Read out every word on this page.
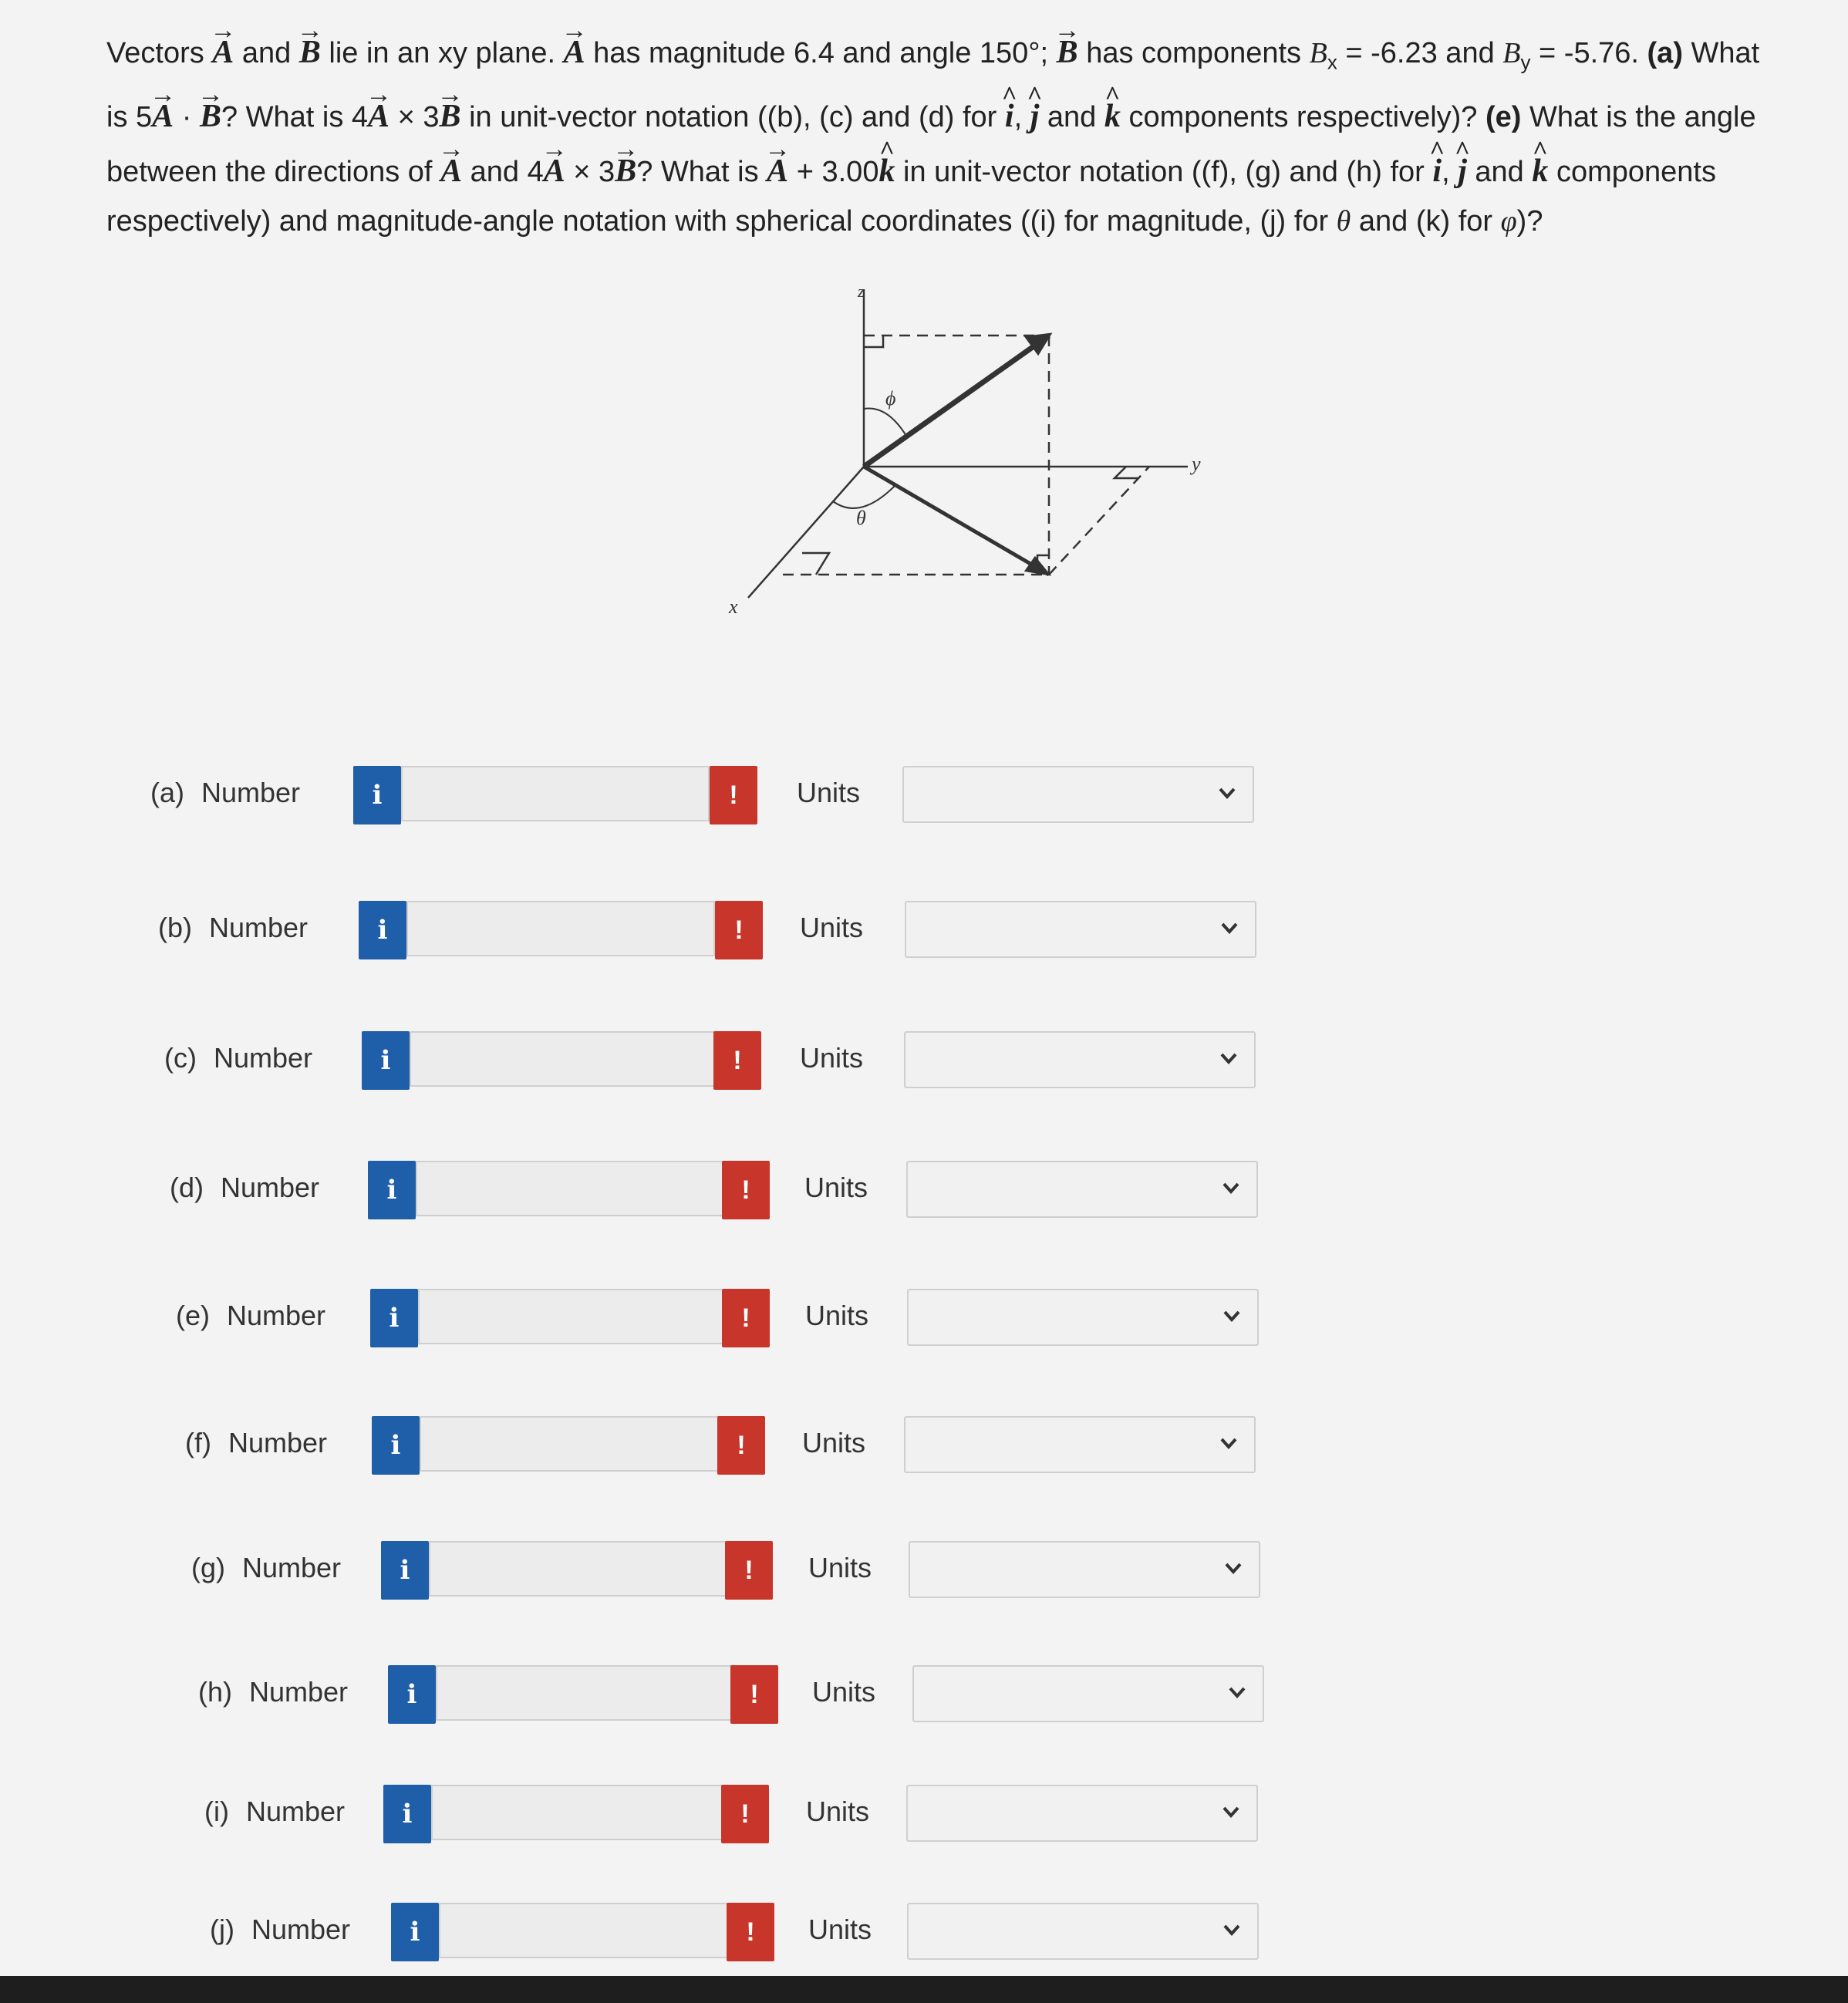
Vectors → A and → B lie in an xy plane. → A has magnitude 6.4 and angle 150°; → B has components $B_x = -6.23$ and $B_y = -5.76$. (a) What is 5→ A · → B? What is 4→ A × 3→ B in unit-vector notation ((b), (c) and (d) for ^ i, ^ j and ^ k components respectively)? (e) What is the angle between the directions of → A and 4→ A × 3→ B? What is → A + 3.00^ k in unit-vector notation ((f), (g) and (h) for ^ i, ^ j and ^ k components respectively) and magnitude-angle notation with spherical coordinates ((i) for magnitude, (j) for θ and (k) for φ)?
z
y
x
ϕ
θ
(a) Number	i	!	Units
(b) Number	i	!	Units
(c) Number	i	!	Units
(d) Number	i	!	Units
(e) Number	i	!	Units
(f) Number	i	!	Units
(g) Number	i	!	Units
(h) Number	i	!	Units
(i) Number	i	!	Units
(j) Number	i	!	Units
